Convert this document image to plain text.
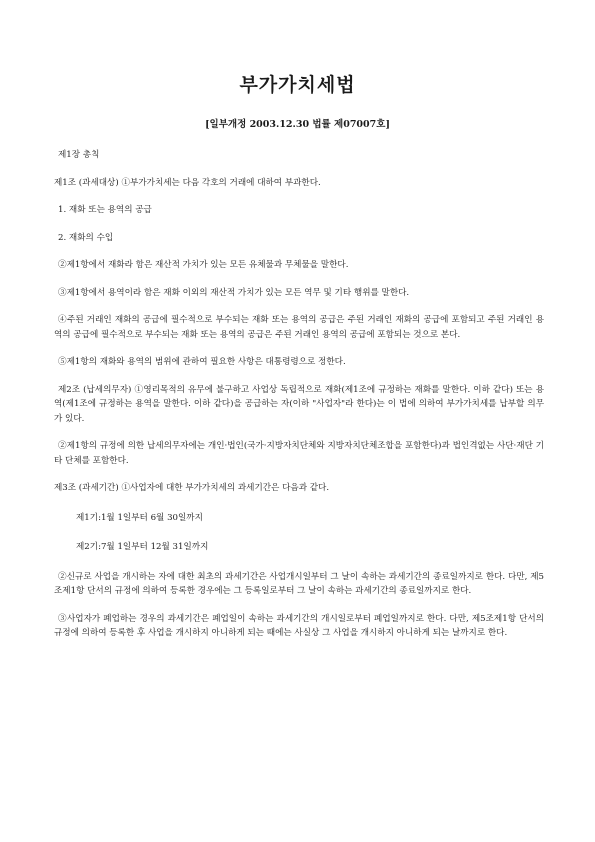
부가가치세법

[일부개정 2003.12.30 법률 제07007호]

제1장 총칙

제1조 (과세대상) ①부가가치세는 다음 각호의 거래에 대하여 부과한다.

1. 재화 또는 용역의 공급

2. 재화의 수입

②제1항에서 재화라 함은 재산적 가치가 있는 모든 유체물과 무체물을 말한다.

③제1항에서 용역이라 함은 재화 이외의 재산적 가치가 있는 모든 역무 및 기타 행위를 말한다.

④주된 거래인 재화의 공급에 필수적으로 부수되는 재화 또는 용역의 공급은 주된 거래인 재화의 공급에 포함되고 주된 거래인 용역의 공급에 필수적으로 부수되는 재화 또는 용역의 공급은 주된 거래인 용역의 공급에 포함되는 것으로 본다.

⑤제1항의 재화와 용역의 범위에 관하여 필요한 사항은 대통령령으로 정한다.

제2조 (납세의무자) ①영리목적의 유무에 불구하고 사업상 독립적으로 재화(제1조에 규정하는 재화를 말한다. 이하 같다) 또는 용역(제1조에 규정하는 용역을 말한다. 이하 같다)을 공급하는 자(이하 "사업자"라 한다)는 이 법에 의하여 부가가치세를 납부할 의무가 있다.

②제1항의 규정에 의한 납세의무자에는 개인·법인(국가·지방자치단체와 지방자치단체조합을 포함한다)과 법인격없는 사단·재단 기타 단체를 포함한다.

제3조 (과세기간) ①사업자에 대한 부가가치세의 과세기간은 다음과 같다.

제1기:1월 1일부터 6월 30일까지

제2기:7월 1일부터 12월 31일까지

②신규로 사업을 개시하는 자에 대한 최초의 과세기간은 사업개시일부터 그 날이 속하는 과세기간의 종료일까지로 한다. 다만, 제5조제1항 단서의 규정에 의하여 등록한 경우에는 그 등록일로부터 그 날이 속하는 과세기간의 종료일까지로 한다.

③사업자가 폐업하는 경우의 과세기간은 폐업일이 속하는 과세기간의 개시일로부터 폐업일까지로 한다. 다만, 제5조제1항 단서의 규정에 의하여 등록한 후 사업을 개시하지 아니하게 되는 때에는 사실상 그 사업을 개시하지 아니하게 되는 날까지로 한다.
